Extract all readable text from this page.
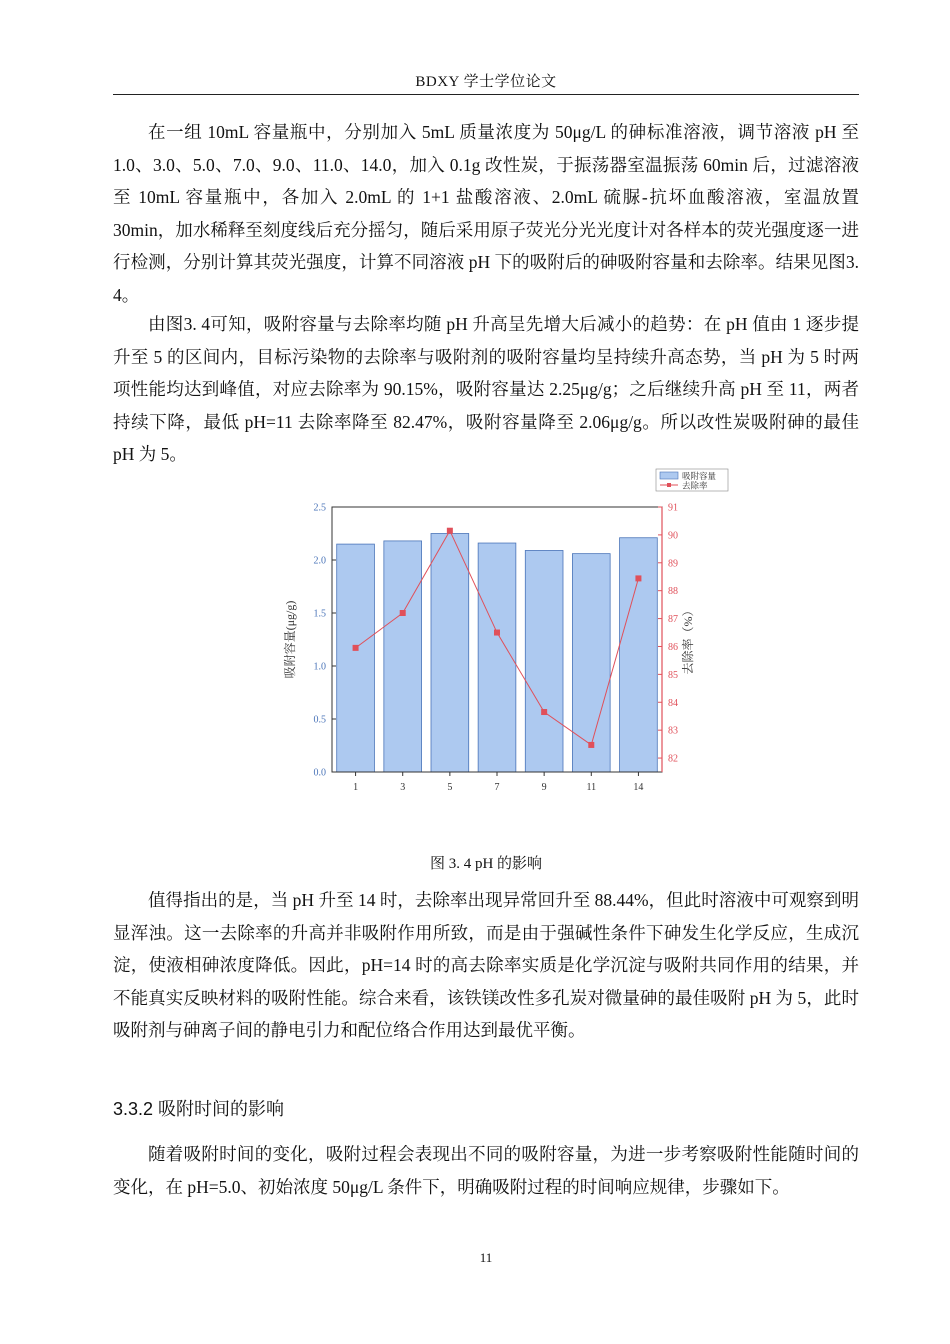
BDXY 学士学位论文

在一组 10mL 容量瓶中，分别加入 5mL 质量浓度为 50μg/L 的砷标准溶液，调节溶液 pH 至 1.0、3.0、5.0、7.0、9.0、11.0、14.0，加入 0.1g 改性炭，于振荡器室温振荡 60min 后，过滤溶液至 10mL 容量瓶中，各加入 2.0mL 的 1+1 盐酸溶液、2.0mL 硫脲-抗坏血酸溶液，室温放置 30min，加水稀释至刻度线后充分摇匀，随后采用原子荧光分光光度计对各样本的荧光强度逐一进行检测，分别计算其荧光强度，计算不同溶液 pH 下的吸附后的砷吸附容量和去除率。结果见图3. 4。

由图3. 4可知，吸附容量与去除率均随 pH 升高呈先增大后减小的趋势：在 pH 值由 1 逐步提升至 5 的区间内，目标污染物的去除率与吸附剂的吸附容量均呈持续升高态势，当 pH 为 5 时两项性能均达到峰值，对应去除率为 90.15%，吸附容量达 2.25μg/g；之后继续升高 pH 至 11，两者持续下降，最低 pH=11 去除率降至 82.47%，吸附容量降至 2.06μg/g。所以改性炭吸附砷的最佳 pH 为 5。

0.0
0.5
1.0
1.5
2.0
2.5
82
83
84
85
86
87
88
89
90
91
1	3	5	7	9	11	14
吸附容量(μg/g)	去除率（%）
吸附容量
去除率
图 3. 4 pH 的影响

值得指出的是，当 pH 升至 14 时，去除率出现异常回升至 88.44%，但此时溶液中可观察到明显浑浊。这一去除率的升高并非吸附作用所致，而是由于强碱性条件下砷发生化学反应，生成沉淀，使液相砷浓度降低。因此，pH=14 时的高去除率实质是化学沉淀与吸附共同作用的结果，并不能真实反映材料的吸附性能。综合来看，该铁镁改性多孔炭对微量砷的最佳吸附 pH 为 5，此时吸附剂与砷离子间的静电引力和配位络合作用达到最优平衡。

3.3.2 吸附时间的影响

随着吸附时间的变化，吸附过程会表现出不同的吸附容量，为进一步考察吸附性能随时间的变化，在 pH=5.0、初始浓度 50μg/L 条件下，明确吸附过程的时间响应规律，步骤如下。

11
